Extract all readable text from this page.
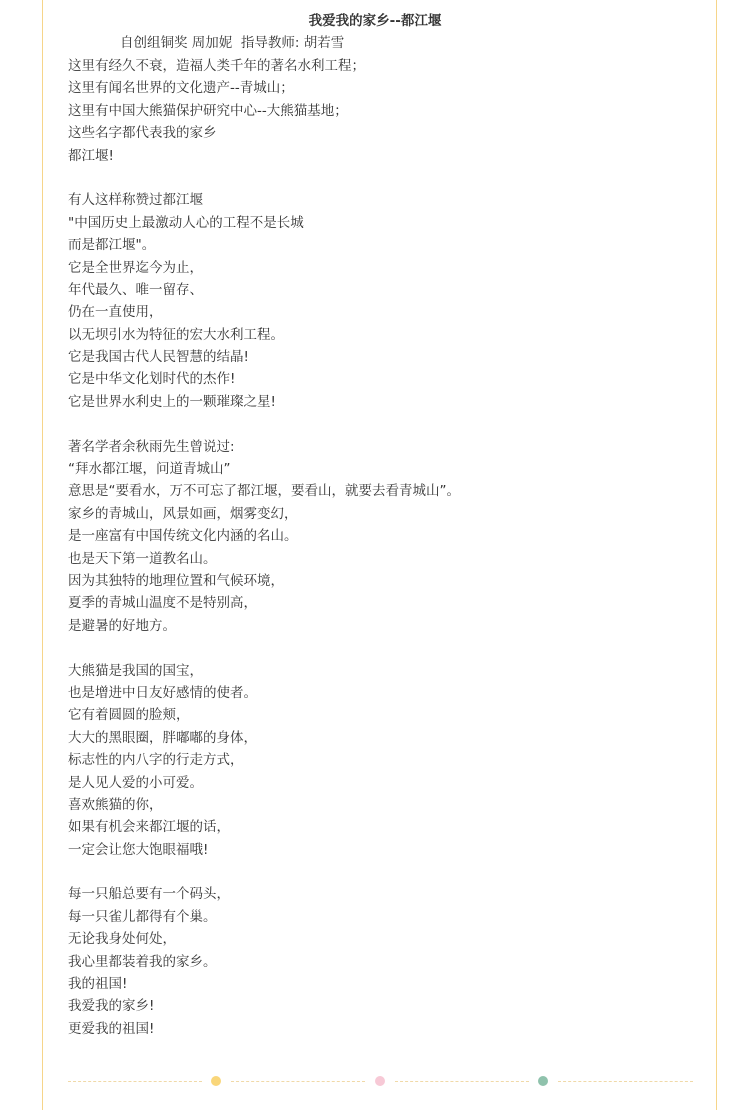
我爱我的家乡--都江堰
自创组铜奖 周加妮  指导教师: 胡若雪
这里有经久不衰，造福人类千年的著名水利工程；
这里有闻名世界的文化遗产--青城山；
这里有中国大熊猫保护研究中心--大熊猫基地；
这些名字都代表我的家乡
都江堰!
有人这样称赞过都江堰
"中国历史上最激动人心的工程不是长城
而是都江堰"。
它是全世界迄今为止，
年代最久、唯一留存、
仍在一直使用，
以无坝引水为特征的宏大水利工程。
它是我国古代人民智慧的结晶!
它是中华文化划时代的杰作!
它是世界水利史上的一颗璀璨之星!
著名学者余秋雨先生曾说过:
“拜水都江堰，问道青城山”
意思是“要看水，万不可忘了都江堰，要看山，就要去看青城山”。
家乡的青城山，风景如画，烟雾变幻，
是一座富有中国传统文化内涵的名山。
也是天下第一道教名山。
因为其独特的地理位置和气候环境，
夏季的青城山温度不是特别高，
是避暑的好地方。
大熊猫是我国的国宝，
也是增进中日友好感情的使者。
它有着圆圆的脸颊，
大大的黑眼圈，胖嘟嘟的身体，
标志性的内八字的行走方式，
是人见人爱的小可爱。
喜欢熊猫的你，
如果有机会来都江堰的话，
一定会让您大饱眼福哦!
每一只船总要有一个码头，
每一只雀儿都得有个巢。
无论我身处何处，
我心里都装着我的家乡。
我的祖国!
我爱我的家乡!
更爱我的祖国!
